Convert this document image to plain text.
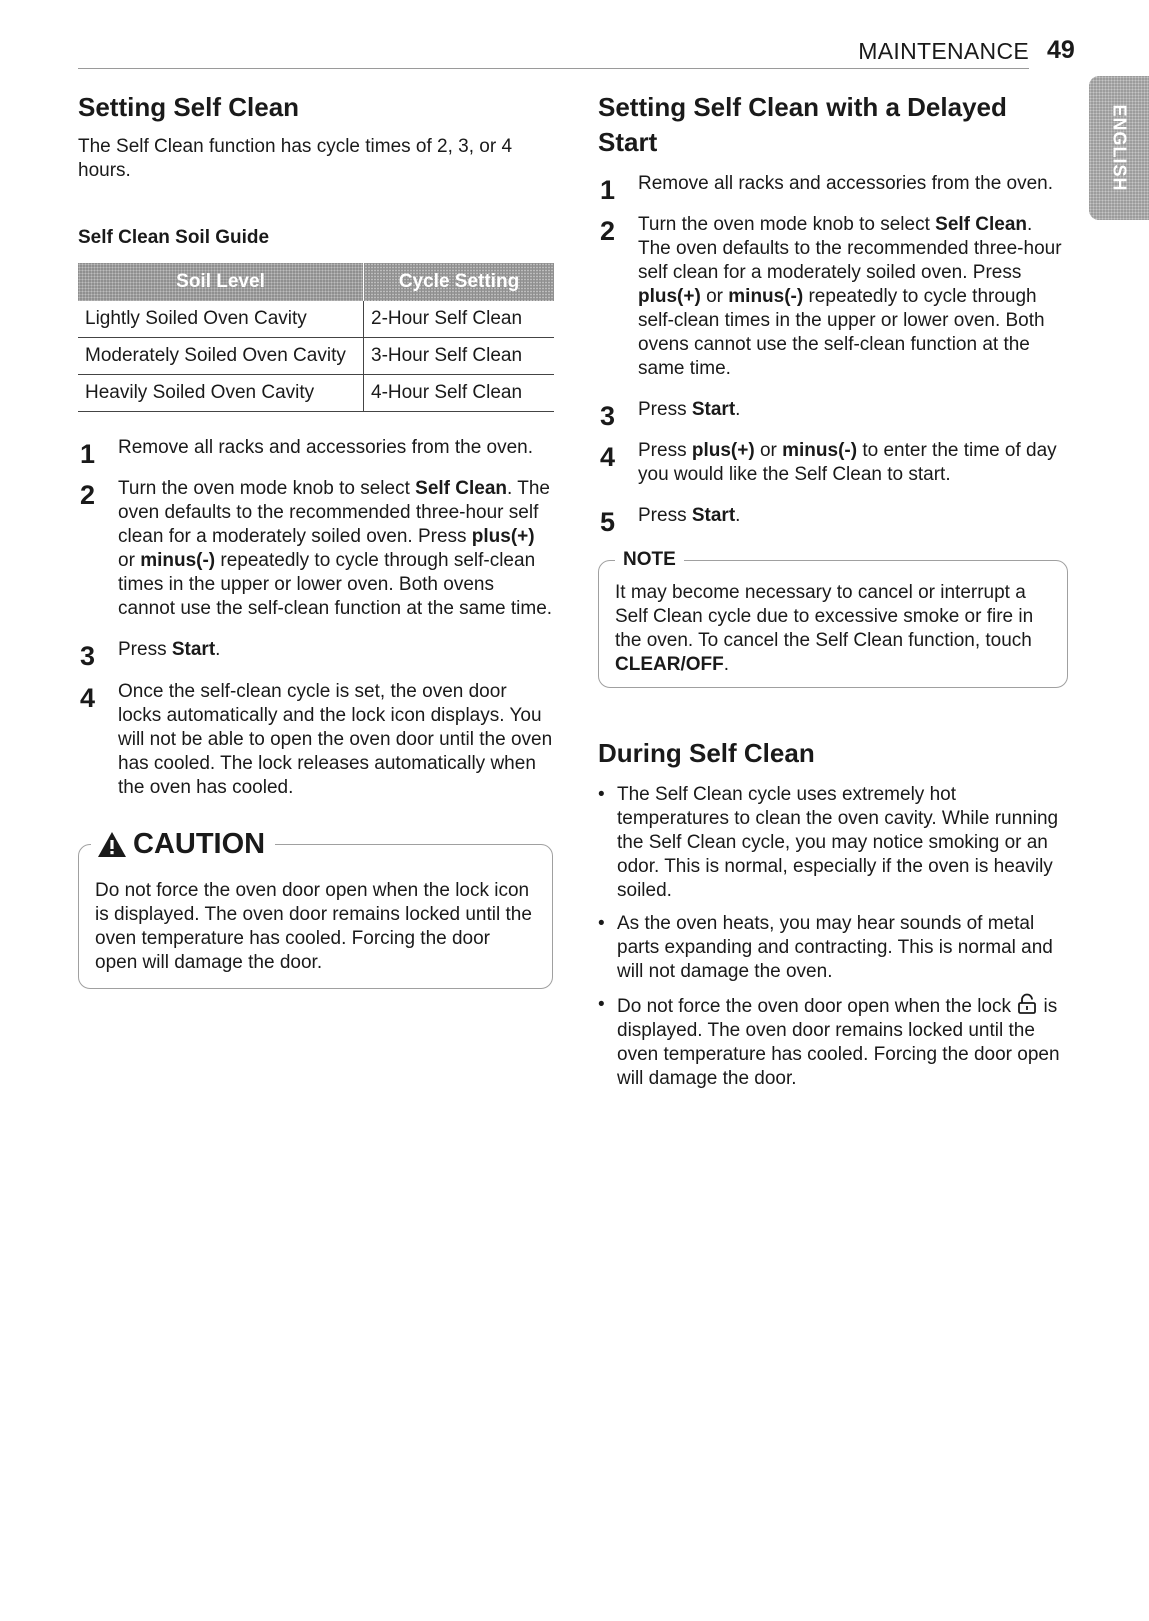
MAINTENANCE 49
ENGLISH
Setting Self Clean

The Self Clean function has cycle times of 2, 3, or 4 hours.

Self Clean Soil Guide
Soil Level	Cycle Setting
Lightly Soiled Oven Cavity	2-Hour Self Clean
Moderately Soiled Oven Cavity	3-Hour Self Clean
Heavily Soiled Oven Cavity	4-Hour Self Clean
1 Remove all racks and accessories from the oven.

2 Turn the oven mode knob to select Self Clean. The oven defaults to the recommended three-hour self clean for a moderately soiled oven. Press plus(+) or minus(-) repeatedly to cycle through self-clean times in the upper or lower oven. Both ovens cannot use the self-clean function at the same time.

3 Press Start.

4 Once the self-clean cycle is set, the oven door locks automatically and the lock icon displays. You will not be able to open the oven door until the oven has cooled. The lock releases automatically when the oven has cooled.

CAUTION

Do not force the oven door open when the lock icon is displayed. The oven door remains locked until the oven temperature has cooled. Forcing the door open will damage the door.

Setting Self Clean with a Delayed Start
1 Remove all racks and accessories from the oven.

2 Turn the oven mode knob to select Self Clean. The oven defaults to the recommended three-hour self clean for a moderately soiled oven. Press plus(+) or minus(-) repeatedly to cycle through self-clean times in the upper or lower oven. Both ovens cannot use the self-clean function at the same time.

3 Press Start.

4 Press plus(+) or minus(-) to enter the time of day you would like the Self Clean to start.

5 Press Start.

NOTE

It may become necessary to cancel or interrupt a Self Clean cycle due to excessive smoke or fire in the oven. To cancel the Self Clean function, touch CLEAR/OFF.

During Self Clean
• The Self Clean cycle uses extremely hot temperatures to clean the oven cavity. While running the Self Clean cycle, you may notice smoking or an odor. This is normal, especially if the oven is heavily soiled.

• As the oven heats, you may hear sounds of metal parts expanding and contracting. This is normal and will not damage the oven.

• Do not force the oven door open when the lock  is displayed. The oven door remains locked until the oven temperature has cooled. Forcing the door open will damage the door.
